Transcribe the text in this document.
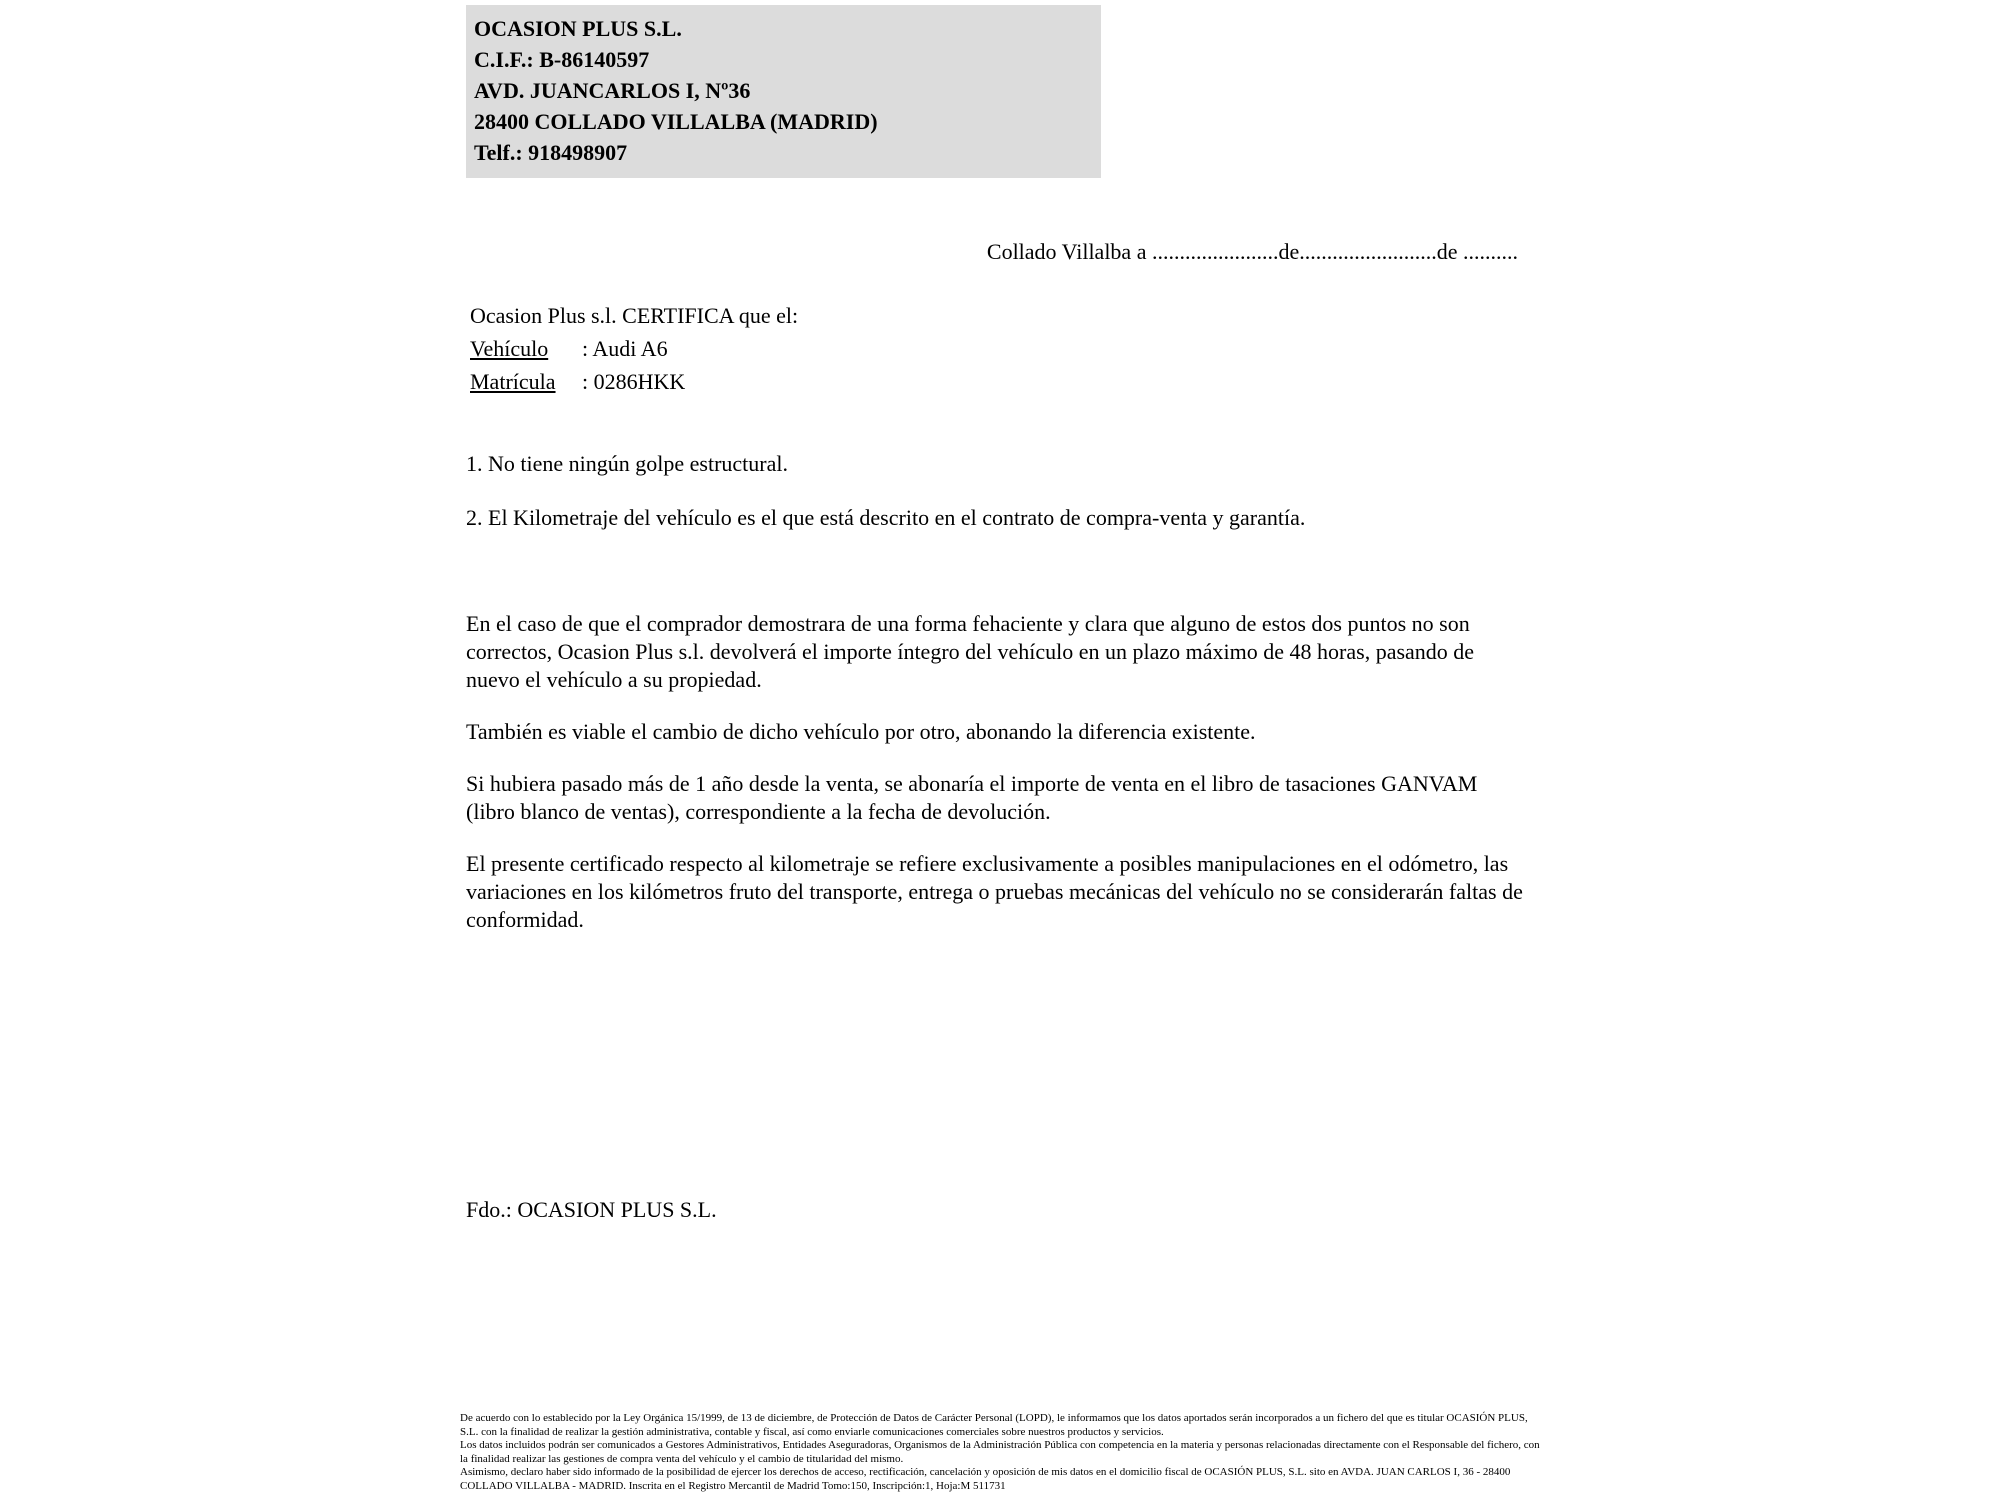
OCASION PLUS S.L.
C.I.F.: B-86140597
AVD. JUANCARLOS I, Nº36
28400 COLLADO VILLALBA (MADRID)
Telf.: 918498907
Collado Villalba a .......................de.........................de ..........
Ocasion Plus s.l. CERTIFICA que el:
Vehículo	: Audi A6
Matrícula	: 0286HKK

1. No tiene ningún golpe estructural.

2. El Kilometraje del vehículo es el que está descrito en el contrato de compra-venta y garantía.

En el caso de que el comprador demostrara de una forma fehaciente y clara que alguno de estos dos puntos no son correctos, Ocasion Plus s.l. devolverá el importe íntegro del vehículo en un plazo máximo de 48 horas, pasando de nuevo el vehículo a su propiedad.

También es viable el cambio de dicho vehículo por otro, abonando la diferencia existente.

Si hubiera pasado más de 1 año desde la venta, se abonaría el importe de venta en el libro de tasaciones GANVAM (libro blanco de ventas), correspondiente a la fecha de devolución.

El presente certificado respecto al kilometraje se refiere exclusivamente a posibles manipulaciones en el odómetro, las variaciones en los kilómetros fruto del transporte, entrega o pruebas mecánicas del vehículo no se considerarán faltas de conformidad.

Fdo.: OCASION PLUS S.L.

De acuerdo con lo establecido por la Ley Orgánica 15/1999, de 13 de diciembre, de Protección de Datos de Carácter Personal (LOPD), le informamos que los datos aportados serán incorporados a un fichero del que es titular OCASIÓN PLUS, S.L. con la finalidad de realizar la gestión administrativa, contable y fiscal, así como enviarle comunicaciones comerciales sobre nuestros productos y servicios.

Los datos incluidos podrán ser comunicados a Gestores Administrativos, Entidades Aseguradoras, Organismos de la Administración Pública con competencia en la materia y personas relacionadas directamente con el Responsable del fichero, con la finalidad realizar las gestiones de compra venta del vehículo y el cambio de titularidad del mismo.

Asimismo, declaro haber sido informado de la posibilidad de ejercer los derechos de acceso, rectificación, cancelación y oposición de mis datos en el domicilio fiscal de OCASIÓN PLUS, S.L. sito en AVDA. JUAN CARLOS I, 36 - 28400 COLLADO VILLALBA - MADRID. Inscrita en el Registro Mercantil de Madrid Tomo:150, Inscripción:1, Hoja:M 511731
